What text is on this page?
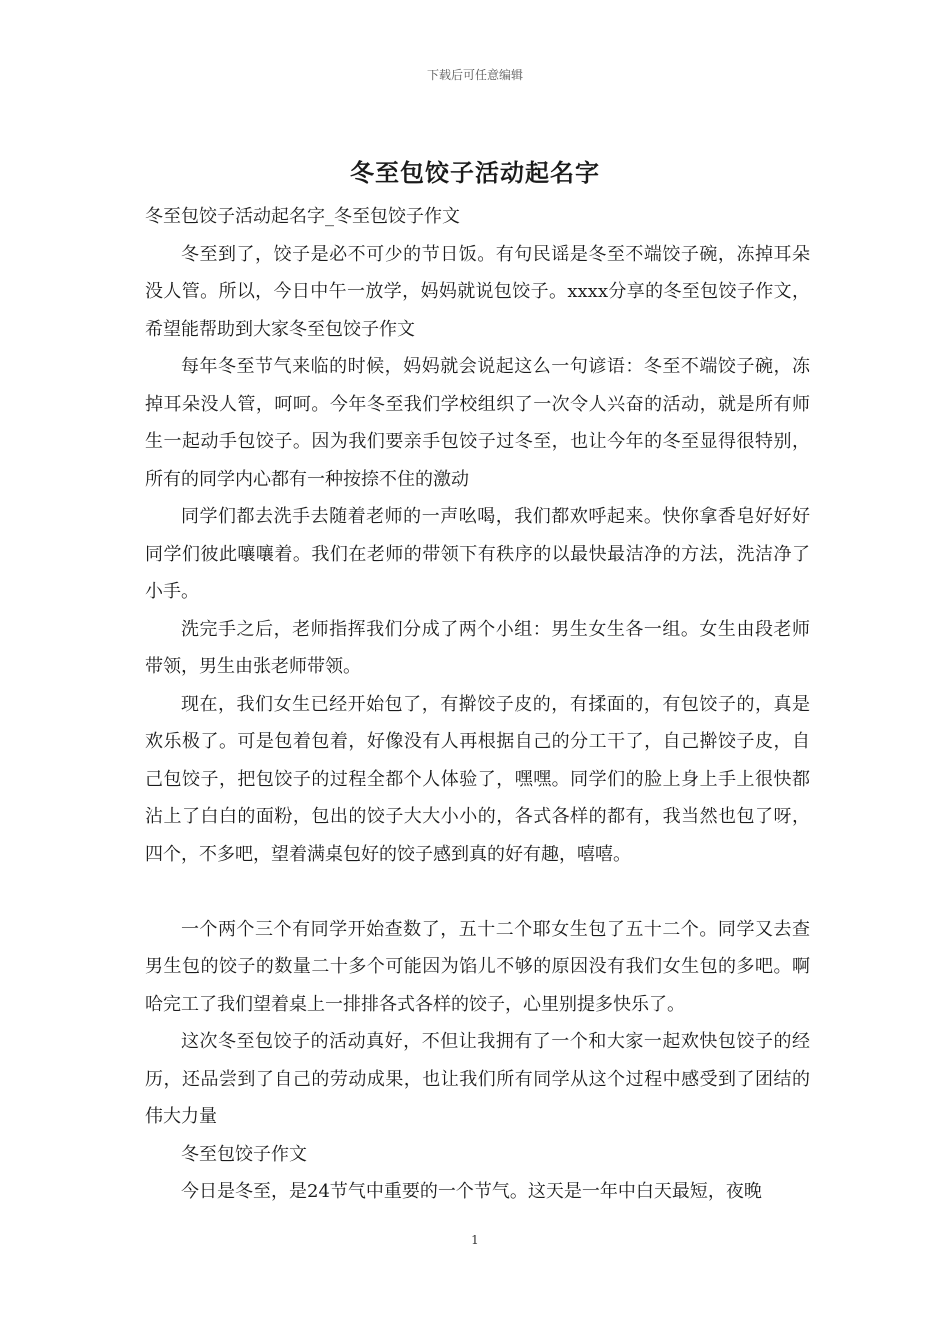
下载后可任意编辑
冬至包饺子活动起名字

冬至包饺子活动起名字_冬至包饺子作文

冬至到了，饺子是必不可少的节日饭。有句民谣是冬至不端饺子碗，冻掉耳朵没人管。所以，今日中午一放学，妈妈就说包饺子。xxxx分享的冬至包饺子作文，希望能帮助到大家冬至包饺子作文

每年冬至节气来临的时候，妈妈就会说起这么一句谚语：冬至不端饺子碗，冻掉耳朵没人管，呵呵。今年冬至我们学校组织了一次令人兴奋的活动，就是所有师生一起动手包饺子。因为我们要亲手包饺子过冬至，也让今年的冬至显得很特别，所有的同学内心都有一种按捺不住的激动

同学们都去洗手去随着老师的一声吆喝，我们都欢呼起来。快你拿香皂好好好同学们彼此嚷嚷着。我们在老师的带领下有秩序的以最快最洁净的方法，洗洁净了小手。

洗完手之后，老师指挥我们分成了两个小组：男生女生各一组。女生由段老师带领，男生由张老师带领。

现在，我们女生已经开始包了，有擀饺子皮的，有揉面的，有包饺子的，真是欢乐极了。可是包着包着，好像没有人再根据自己的分工干了，自己擀饺子皮，自己包饺子，把包饺子的过程全都个人体验了，嘿嘿。同学们的脸上身上手上很快都沾上了白白的面粉，包出的饺子大大小小的，各式各样的都有，我当然也包了呀，四个，不多吧，望着满桌包好的饺子感到真的好有趣，嘻嘻。

一个两个三个有同学开始查数了，五十二个耶女生包了五十二个。同学又去查男生包的饺子的数量二十多个可能因为馅儿不够的原因没有我们女生包的多吧。啊哈完工了我们望着桌上一排排各式各样的饺子，心里别提多快乐了。

这次冬至包饺子的活动真好，不但让我拥有了一个和大家一起欢快包饺子的经历，还品尝到了自己的劳动成果，也让我们所有同学从这个过程中感受到了团结的伟大力量

冬至包饺子作文

今日是冬至，是24节气中重要的一个节气。这天是一年中白天最短，夜晚

1
